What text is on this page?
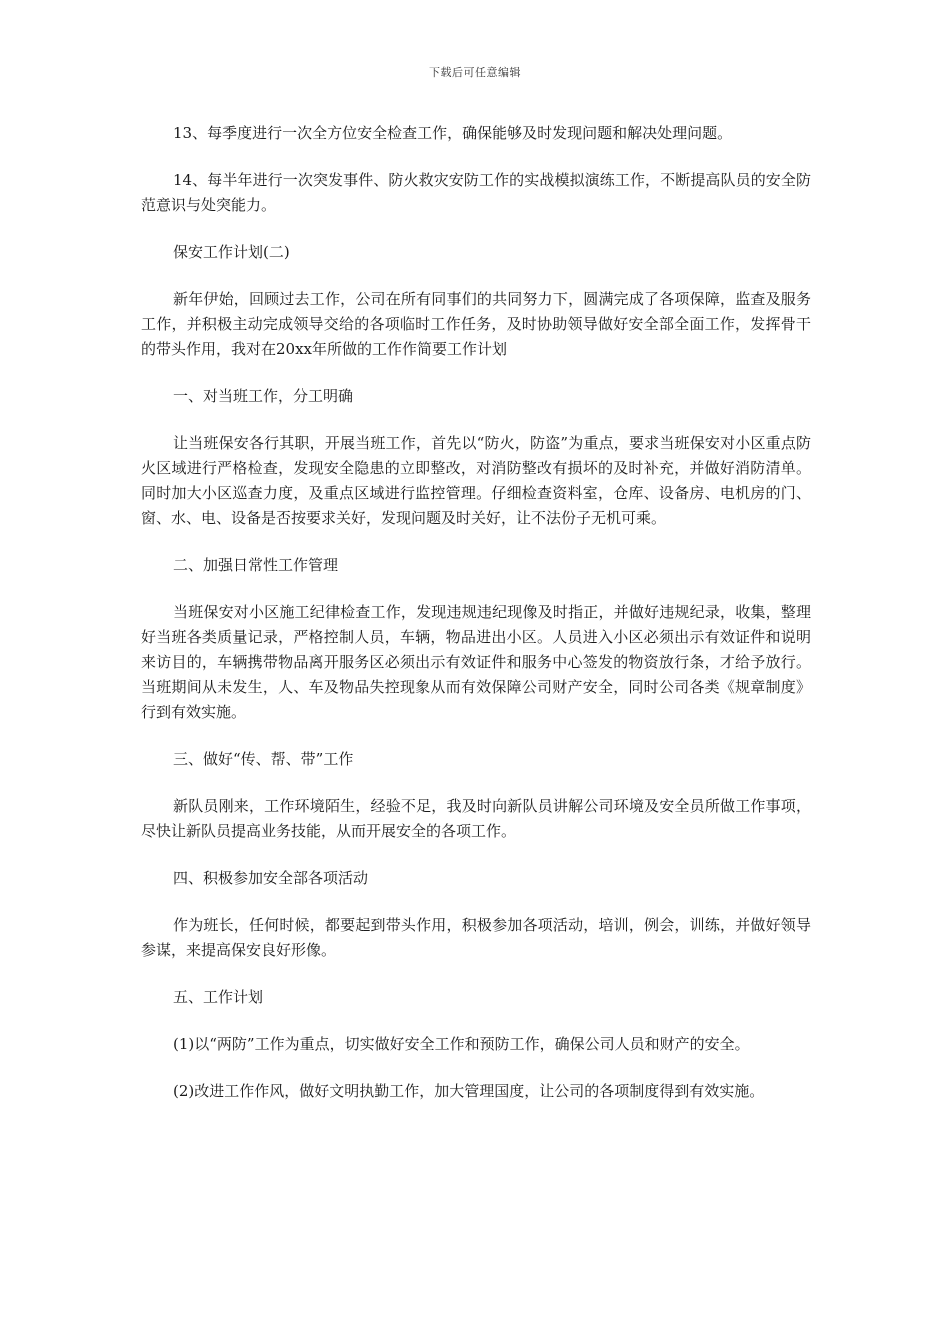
下载后可任意编辑

13、每季度进行一次全方位安全检查工作，确保能够及时发现问题和解决处理问题。

14、每半年进行一次突发事件、防火救灾安防工作的实战模拟演练工作，不断提高队员的安全防范意识与处突能力。

保安工作计划(二)

新年伊始，回顾过去工作，公司在所有同事们的共同努力下，圆满完成了各项保障，监查及服务工作，并积极主动完成领导交给的各项临时工作任务，及时协助领导做好安全部全面工作，发挥骨干的带头作用，我对在20xx年所做的工作作简要工作计划

一、对当班工作，分工明确

让当班保安各行其职，开展当班工作，首先以“防火，防盗”为重点，要求当班保安对小区重点防火区域进行严格检查，发现安全隐患的立即整改，对消防整改有损坏的及时补充，并做好消防清单。同时加大小区巡查力度，及重点区域进行监控管理。仔细检查资料室，仓库、设备房、电机房的门、窗、水、电、设备是否按要求关好，发现问题及时关好，让不法份子无机可乘。

二、加强日常性工作管理

当班保安对小区施工纪律检查工作，发现违规违纪现像及时指正，并做好违规纪录，收集，整理好当班各类质量记录，严格控制人员，车辆，物品进出小区。人员进入小区必须出示有效证件和说明来访目的，车辆携带物品离开服务区必须出示有效证件和服务中心签发的物资放行条，才给予放行。当班期间从未发生，人、车及物品失控现象从而有效保障公司财产安全，同时公司各类《规章制度》行到有效实施。

三、做好“传、帮、带”工作

新队员刚来，工作环境陌生，经验不足，我及时向新队员讲解公司环境及安全员所做工作事项，尽快让新队员提高业务技能，从而开展安全的各项工作。

四、积极参加安全部各项活动

作为班长，任何时候，都要起到带头作用，积极参加各项活动，培训，例会，训练，并做好领导参谋，来提高保安良好形像。

五、工作计划

(1)以“两防”工作为重点，切实做好安全工作和预防工作，确保公司人员和财产的安全。

(2)改进工作作风，做好文明执勤工作，加大管理国度，让公司的各项制度得到有效实施。
